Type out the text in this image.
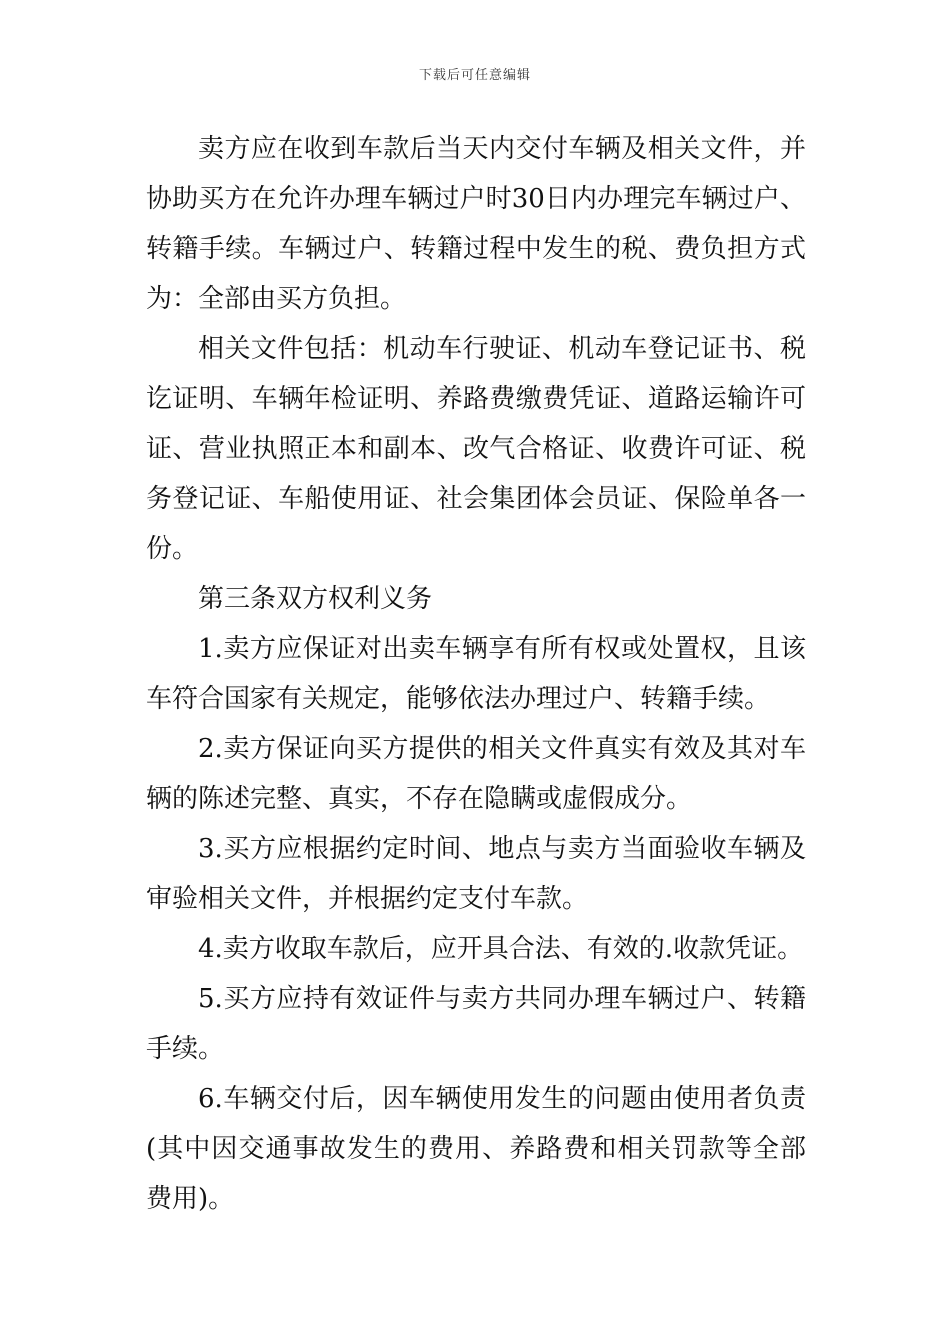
下载后可任意编辑

卖方应在收到车款后当天内交付车辆及相关文件，并协助买方在允许办理车辆过户时30日内办理完车辆过户、转籍手续。车辆过户、转籍过程中发生的税、费负担方式为：全部由买方负担。

相关文件包括：机动车行驶证、机动车登记证书、税讫证明、车辆年检证明、养路费缴费凭证、道路运输许可证、营业执照正本和副本、改气合格证、收费许可证、税务登记证、车船使用证、社会集团体会员证、保险单各一份。

第三条双方权利义务

1.卖方应保证对出卖车辆享有所有权或处置权，且该车符合国家有关规定，能够依法办理过户、转籍手续。

2.卖方保证向买方提供的相关文件真实有效及其对车辆的陈述完整、真实，不存在隐瞒或虚假成分。

3.买方应根据约定时间、地点与卖方当面验收车辆及审验相关文件，并根据约定支付车款。

4.卖方收取车款后，应开具合法、有效的.收款凭证。

5.买方应持有效证件与卖方共同办理车辆过户、转籍手续。

6.车辆交付后，因车辆使用发生的问题由使用者负责(其中因交通事故发生的费用、养路费和相关罚款等全部费用)。
